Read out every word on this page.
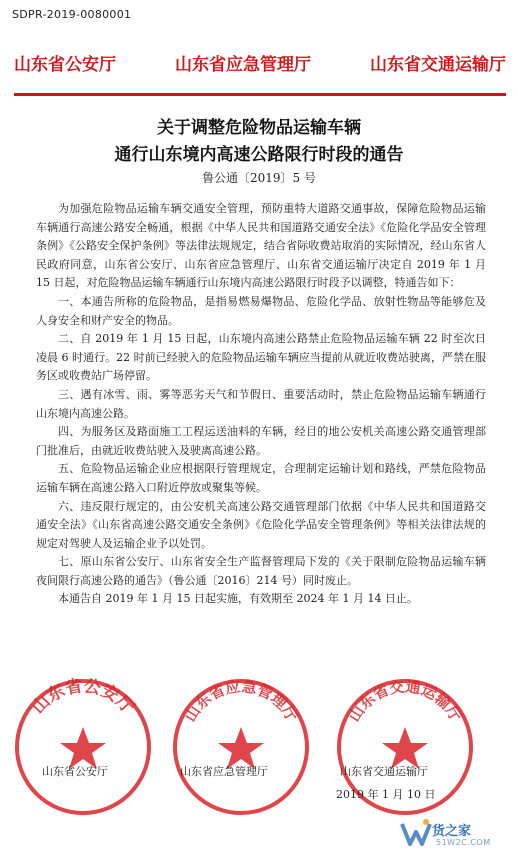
SDPR-2019-0080001
山东省公安厅	山东省应急管理厅	山东省交通运输厅
关于调整危险物品运输车辆
通行山东境内高速公路限行时段的通告
鲁公通〔2019〕5 号

为加强危险物品运输车辆交通安全管理，预防重特大道路交通事故，保障危险物品运输车辆通行高速公路安全畅通，根据《中华人民共和国道路交通安全法》《危险化学品安全管理条例》《公路安全保护条例》等法律法规规定，结合省际收费站取消的实际情况，经山东省人民政府同意，山东省公安厅、山东省应急管理厅、山东省交通运输厅决定自 2019 年 1 月 15 日起，对危险物品运输车辆通行山东境内高速公路限行时段予以调整，特通告如下：

一、本通告所称的危险物品，是指易燃易爆物品、危险化学品、放射性物品等能够危及人身安全和财产安全的物品。

二、自 2019 年 1 月 15 日起，山东境内高速公路禁止危险物品运输车辆 22 时至次日凌晨 6 时通行。22 时前已经驶入的危险物品运输车辆应当提前从就近收费站驶离，严禁在服务区或收费站广场停留。

三、遇有冰雪、雨、雾等恶劣天气和节假日、重要活动时，禁止危险物品运输车辆通行山东境内高速公路。

四、为服务区及路面施工工程运送油料的车辆，经目的地公安机关高速公路交通管理部门批准后，由就近收费站驶入及驶离高速公路。

五、危险物品运输企业应根据限行管理规定，合理制定运输计划和路线，严禁危险物品运输车辆在高速公路入口附近停放或聚集等候。

六、违反限行规定的，由公安机关高速公路交通管理部门依据《中华人民共和国道路交通安全法》《山东省高速公路交通安全条例》《危险化学品安全管理条例》等相关法律法规的规定对驾驶人及运输企业予以处罚。

七、原山东省公安厅、山东省安全生产监督管理局下发的《关于限制危险物品运输车辆夜间限行高速公路的通告》（鲁公通〔2016〕214 号）同时废止。

本通告自 2019 年 1 月 15 日起实施，有效期至 2024 年 1 月 14 日止。

山东省公安厅	山东省应急管理厅	山东省交通运输厅
山东省公安厅	山东省应急管理厅	山东省交通运输厅
2019 年 1 月 10 日
货之家
51W2C.COM
